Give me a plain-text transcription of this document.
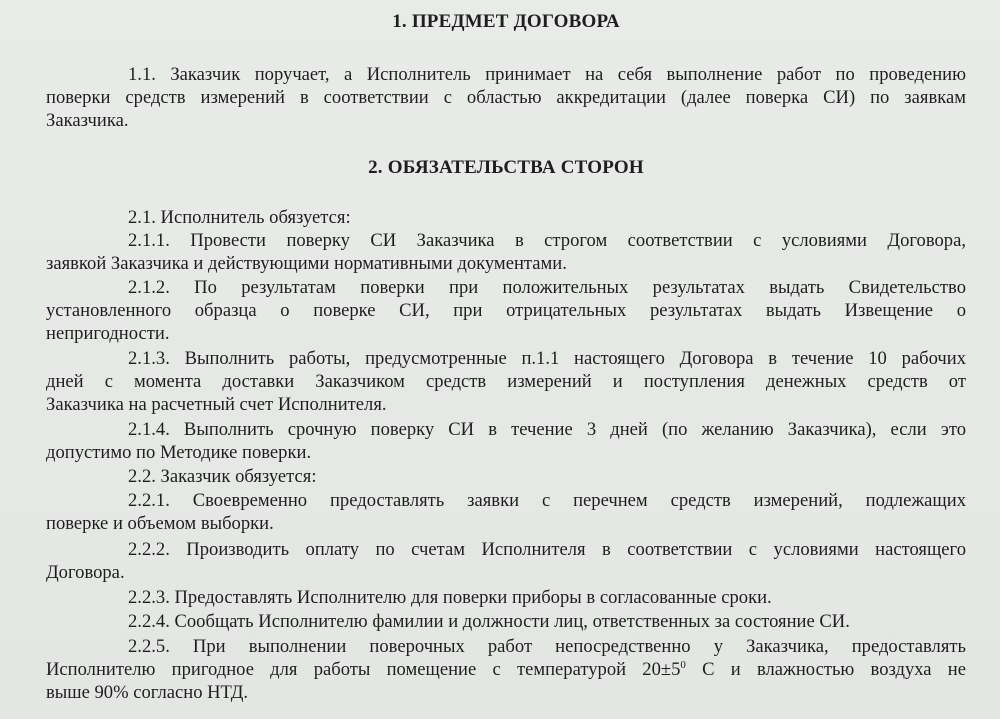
1. ПРЕДМЕТ ДОГОВОРА
1.1. Заказчик поручает, а Исполнитель принимает на себя выполнение работ по проведению
поверки средств измерений в соответствии с областью аккредитации (далее поверка СИ) по заявкам
Заказчика.
2. ОБЯЗАТЕЛЬСТВА СТОРОН
2.1. Исполнитель обязуется:
2.1.1. Провести поверку СИ Заказчика в строгом соответствии с условиями Договора,
заявкой Заказчика и действующими нормативными документами.
2.1.2. По результатам поверки при положительных результатах выдать Свидетельство
установленного образца о поверке СИ, при отрицательных результатах выдать Извещение о
непригодности.
2.1.3. Выполнить работы, предусмотренные п.1.1 настоящего Договора в течение 10 рабочих
дней с момента доставки Заказчиком средств измерений и поступления денежных средств от
Заказчика на расчетный счет Исполнителя.
2.1.4. Выполнить срочную поверку СИ в течение 3 дней (по желанию Заказчика), если это
допустимо по Методике поверки.
2.2. Заказчик обязуется:
2.2.1. Своевременно предоставлять заявки с перечнем средств измерений, подлежащих
поверке и объемом выборки.
2.2.2. Производить оплату по счетам Исполнителя в соответствии с условиями настоящего
Договора.
2.2.3. Предоставлять Исполнителю для поверки приборы в согласованные сроки.
2.2.4. Сообщать Исполнителю фамилии и должности лиц, ответственных за состояние СИ.
2.2.5. При выполнении поверочных работ непосредственно у Заказчика, предоставлять
Исполнителю пригодное для работы помещение с температурой $20\pm 5^0$ С и влажностью воздуха не
выше 90% согласно НТД.
